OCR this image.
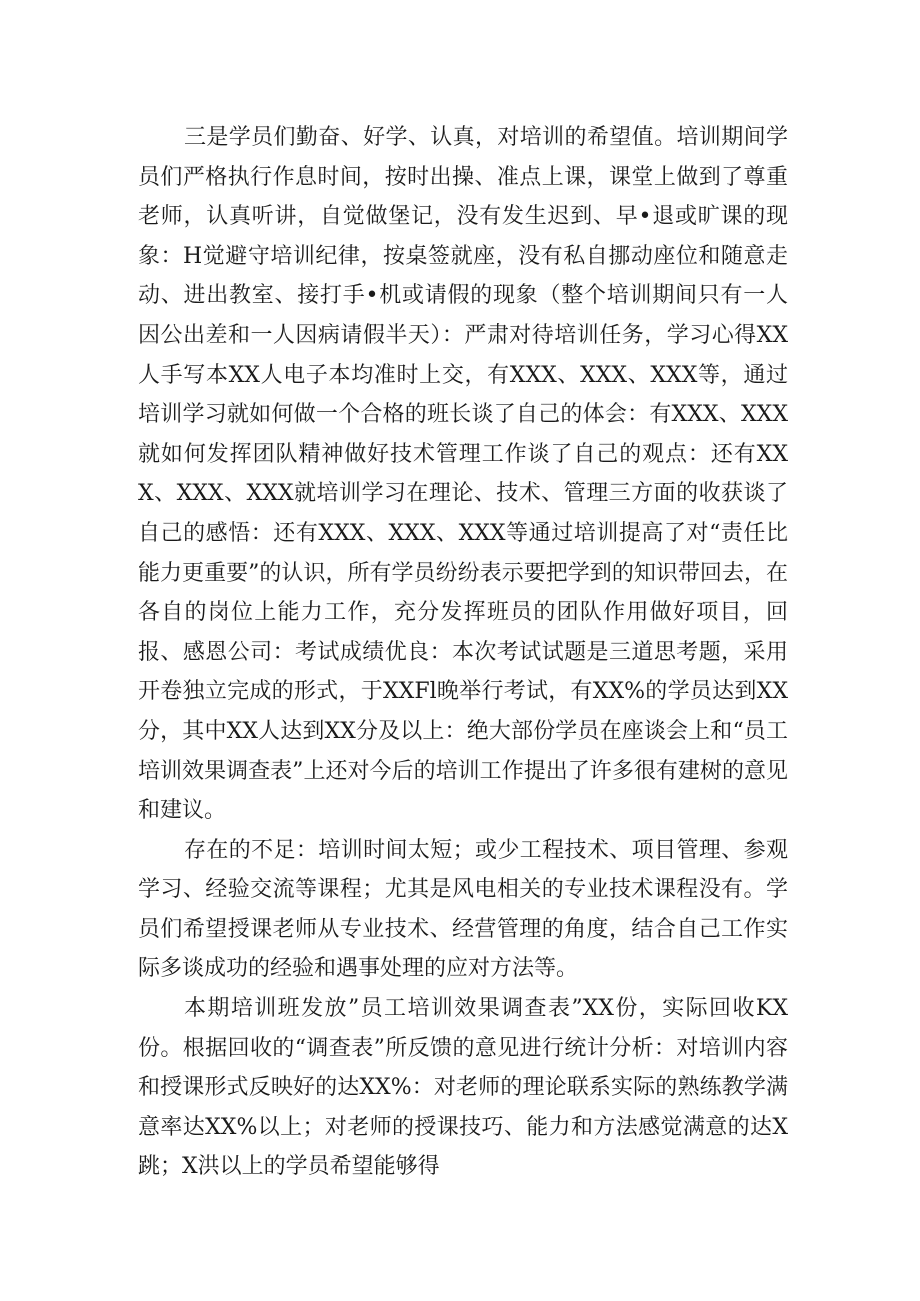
三是学员们勤奋、好学、认真，对培训的希望值。培训期间学员们严格执行作息时间，按时出操、准点上课，课堂上做到了尊重老师，认真听讲，自觉做堡记，没有发生迟到、早•退或旷课的现象：H觉避守培训纪律，按桌签就座，没有私自挪动座位和随意走动、进出教室、接打手•机或请假的现象（整个培训期间只有一人因公出差和一人因病请假半天）：严肃对待培训任务，学习心得XX人手写本XX人电子本均准时上交，有XXX、XXX、XXX等，通过培训学习就如何做一个合格的班长谈了自己的体会：有XXX、XXX就如何发挥团队精神做好技术管理工作谈了自己的观点：还有XXX、XXX、XXX就培训学习在理论、技术、管理三方面的收获谈了自己的感悟：还有XXX、XXX、XXX等通过培训提高了对“责任比能力更重要”的认识，所有学员纷纷表示要把学到的知识带回去，在各自的岗位上能力工作，充分发挥班员的团队作用做好项目，回报、感恩公司：考试成绩优良：本次考试试题是三道思考题，采用开卷独立完成的形式，于XXFl晚举行考试，有XX%的学员达到XX分，其中XX人达到XX分及以上：绝大部份学员在座谈会上和“员工培训效果调查表”上还对今后的培训工作提出了许多很有建树的意见和建议。

存在的不足：培训时间太短；或少工程技术、项目管理、参观学习、经验交流等课程；尤其是风电相关的专业技术课程没有。学员们希望授课老师从专业技术、经营管理的角度，结合自己工作实际多谈成功的经验和遇事处理的应对方法等。

本期培训班发放”员工培训效果调查表”XX份，实际回收KX份。根据回收的“调查表”所反馈的意见进行统计分析：对培训内容和授课形式反映好的达XX%：对老师的理论联系实际的熟练教学满意率达XX%以上；对老师的授课技巧、能力和方法感觉满意的达X跳；X洪以上的学员希望能够得
